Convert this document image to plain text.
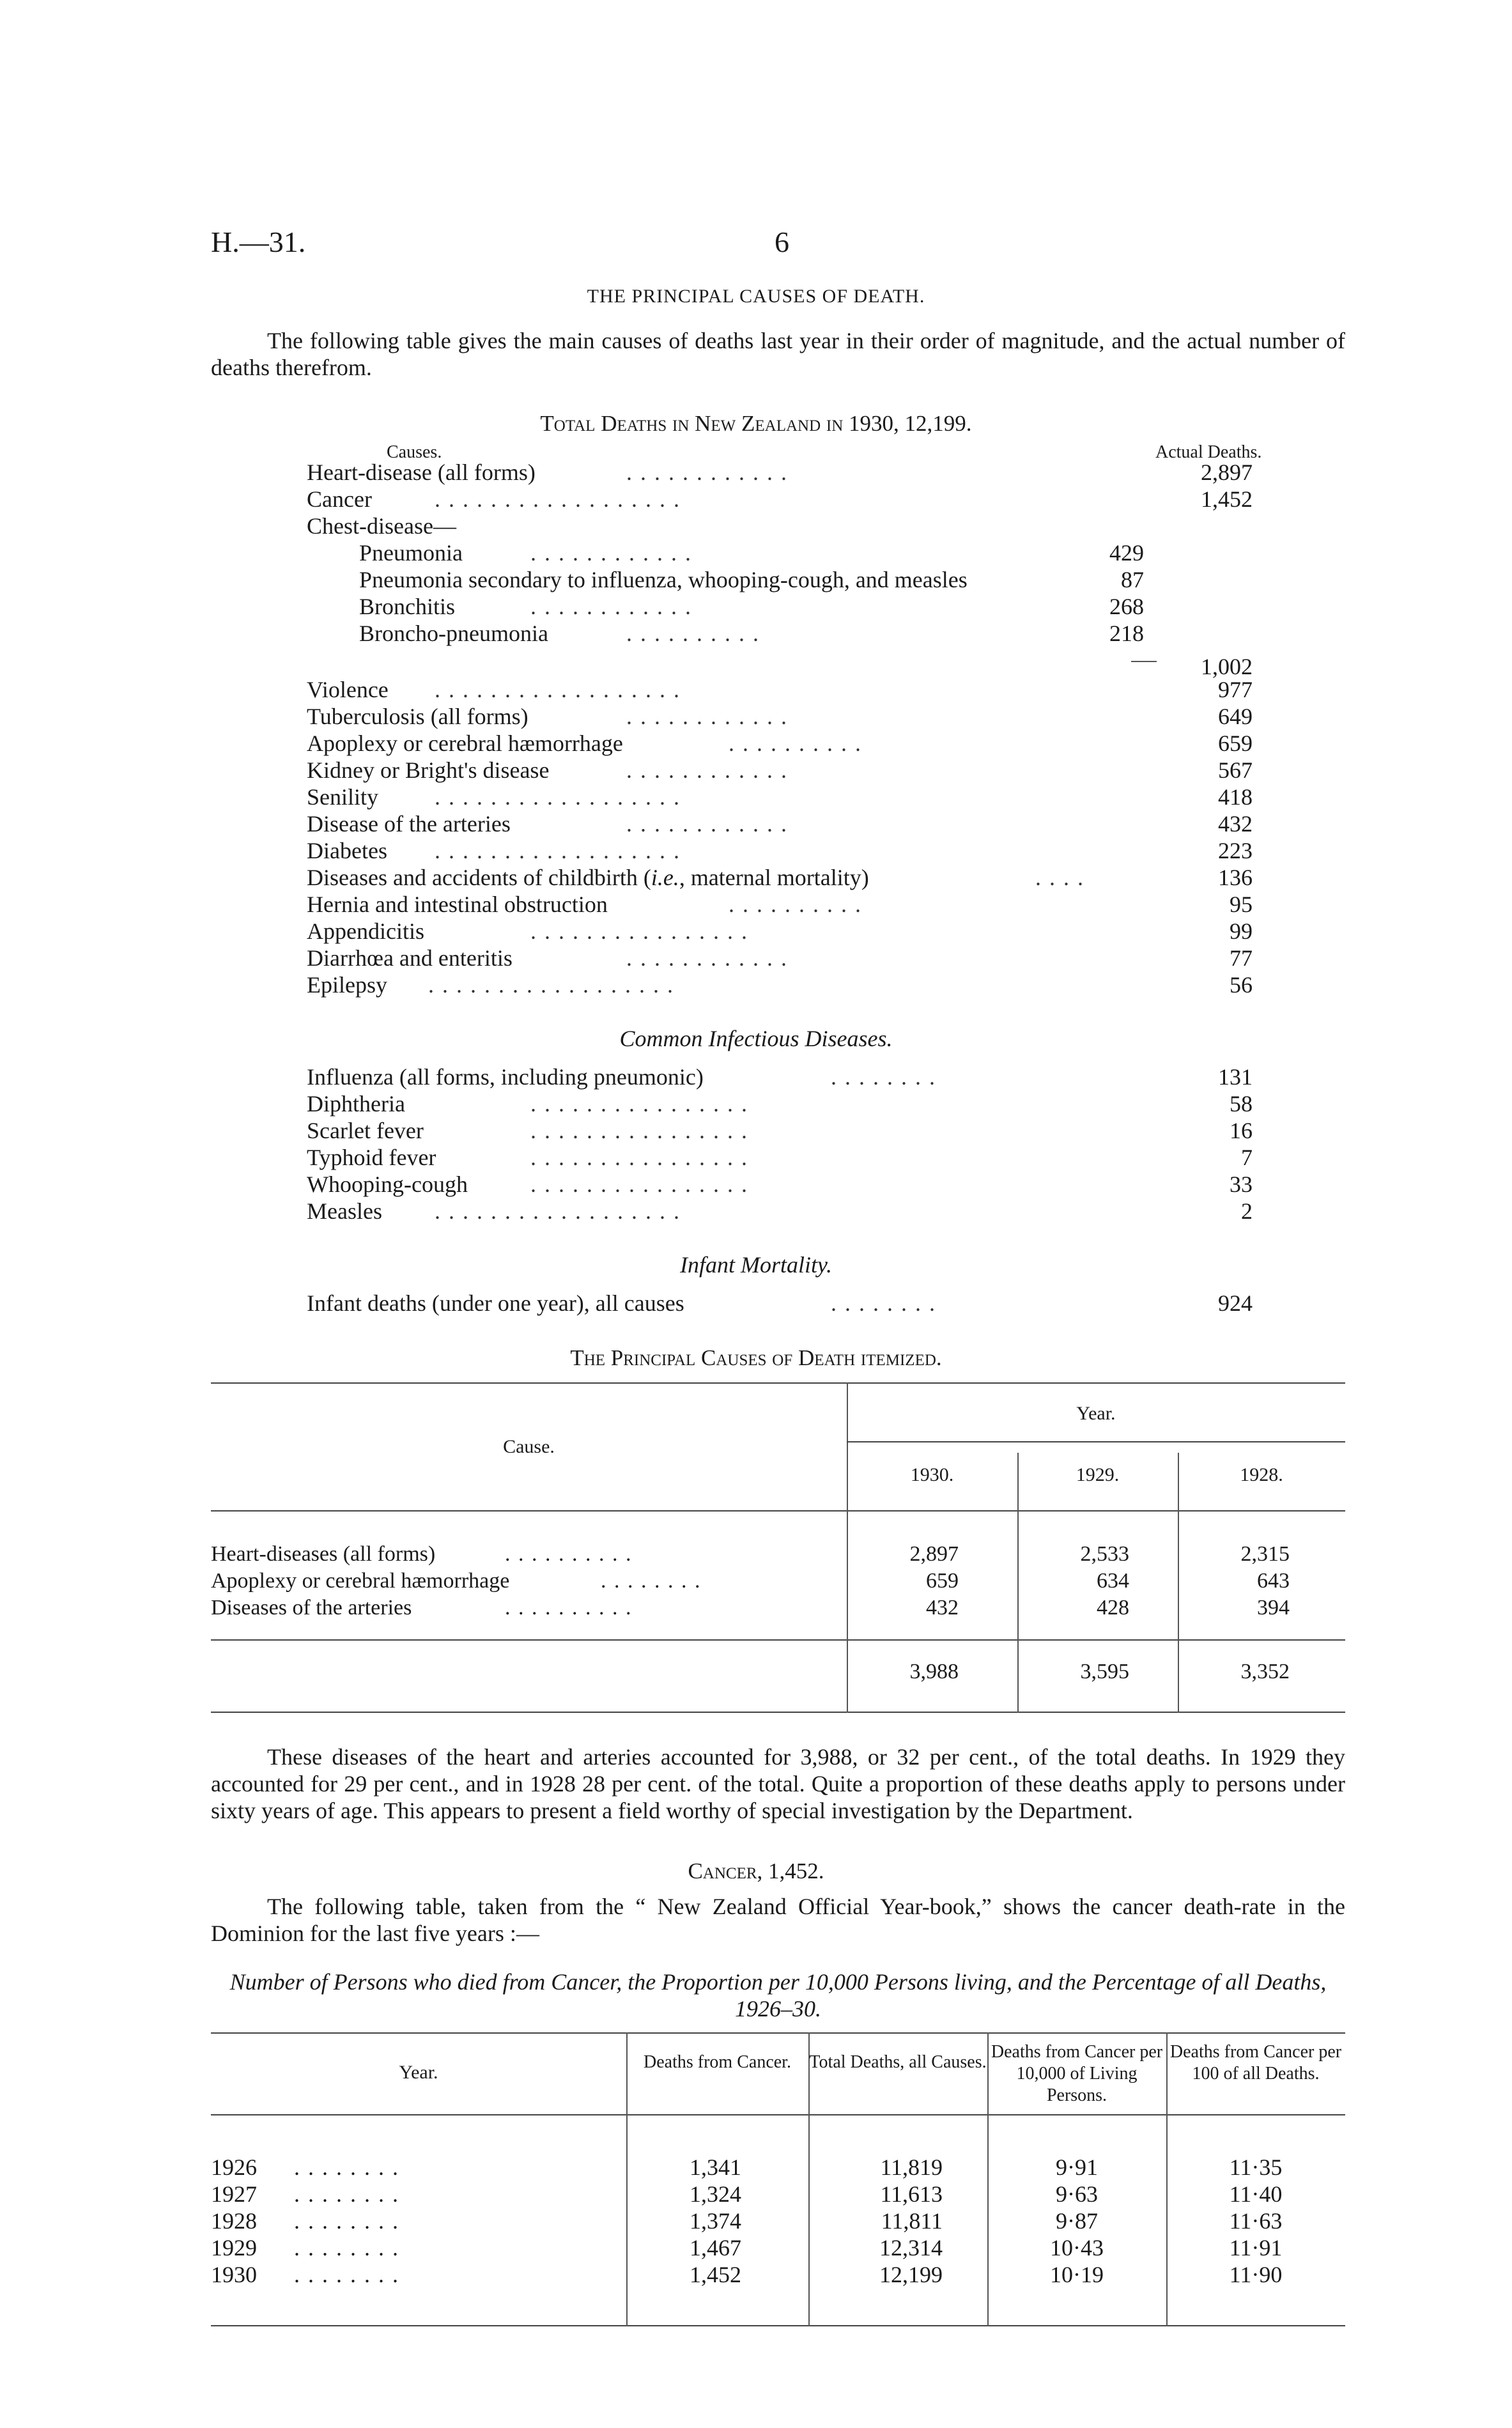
H.—31.	6
THE PRINCIPAL CAUSES OF DEATH.
The following table gives the main causes of deaths last year in their order of magnitude, and the actual number of deaths therefrom.
Total Deaths in New Zealand in 1930, 12,199.
Causes.	Actual Deaths.
Heart-disease (all forms)	. . . . . . . . . . . .	2,897
Cancer	. . . . . . . . . . . . . . . . . .	1,452
Chest-disease—
Pneumonia	. . . . . . . . . . . .	429
Pneumonia secondary to influenza, whooping-cough, and measles	87
Bronchitis	. . . . . . . . . . . .	268
Broncho-pneumonia	. . . . . . . . . .	218
1,002
Violence . . . . . . . . . . . . . . . . . .	977
Tuberculosis (all forms)	. . . . . . . . . . . .	649
Apoplexy or cerebral hæmorrhage	. . . . . . . . . .	659
Kidney or Bright's disease	. . . . . . . . . . . .	567
Senility . . . . . . . . . . . . . . . . . .	418
Disease of the arteries	. . . . . . . . . . . .	432
Diabetes . . . . . . . . . . . . . . . . . .	223
Diseases and accidents of childbirth (i.e., maternal mortality)	. . . .	136
Hernia and intestinal obstruction	. . . . . . . . . .	95
Appendicitis	. . . . . . . . . . . . . . . .	99
Diarrhœa and enteritis	. . . . . . . . . . . .	77
Epilepsy . . . . . . . . . . . . . . . . . .	56
Common Infectious Diseases.
Influenza (all forms, including pneumonic)	. . . . . . . .	131
Diphtheria	. . . . . . . . . . . . . . . .	58
Scarlet fever	. . . . . . . . . . . . . . . .	16
Typhoid fever	. . . . . . . . . . . . . . . .	7
Whooping-cough	. . . . . . . . . . . . . . . .	33
Measles . . . . . . . . . . . . . . . . . .	2
Infant Mortality.
Infant deaths (under one year), all causes	. . . . . . . .	924
The Principal Causes of Death itemized.
Cause.
Year.
1930.	1929.	1928.
Heart-diseases (all forms)	. . . . . . . . . .	2,897	2,533	2,315
Apoplexy or cerebral hæmorrhage	. . . . . . . .	659	634	643
Diseases of the arteries	. . . . . . . . . .	432	428	394
3,988	3,595	3,352
These diseases of the heart and arteries accounted for 3,988, or 32 per cent., of the total deaths. In 1929 they accounted for 29 per cent., and in 1928 28 per cent. of the total. Quite a proportion of these deaths apply to persons under sixty years of age. This appears to present a field worthy of special investigation by the Department.
Cancer, 1,452.
The following table, taken from the “ New Zealand Official Year-book,” shows the cancer death-rate in the Dominion for the last five years :—
Number of Persons who died from Cancer, the Proportion per 10,000 Persons living, and the Percentage of all Deaths, 1926–30.
Year.	Deaths from Cancer.	Total Deaths, all Causes.
Deaths from Cancer per 10,000 of Living Persons.
Deaths from Cancer per 100 of all Deaths.
1926 . . . . . . . .	1,341	11,819	9·91	11·35
1927 . . . . . . . .	1,324	11,613	9·63	11·40
1928 . . . . . . . .	1,374	11,811	9·87	11·63
1929 . . . . . . . .	1,467	12,314	10·43	11·91
1930 . . . . . . . .	1,452	12,199	10·19	11·90
